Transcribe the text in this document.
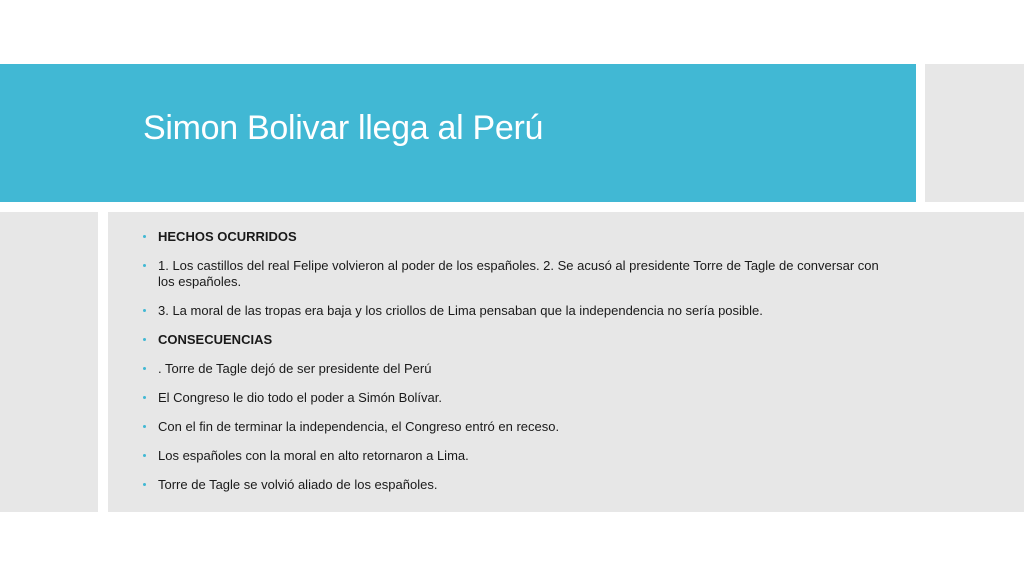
Simon Bolivar llega al Perú
HECHOS OCURRIDOS
1. Los castillos del real Felipe volvieron al poder de los españoles. 2. Se acusó al presidente Torre de Tagle de conversar con los españoles.
3. La moral de las tropas era baja y los criollos de Lima pensaban que la independencia no sería posible.
CONSECUENCIAS
. Torre de Tagle dejó de ser presidente del Perú
El Congreso le dio todo el poder a Simón Bolívar.
Con el fin de terminar la independencia, el Congreso entró en receso.
Los españoles con la moral en alto retornaron a Lima.
Torre de Tagle se volvió aliado de los españoles.
